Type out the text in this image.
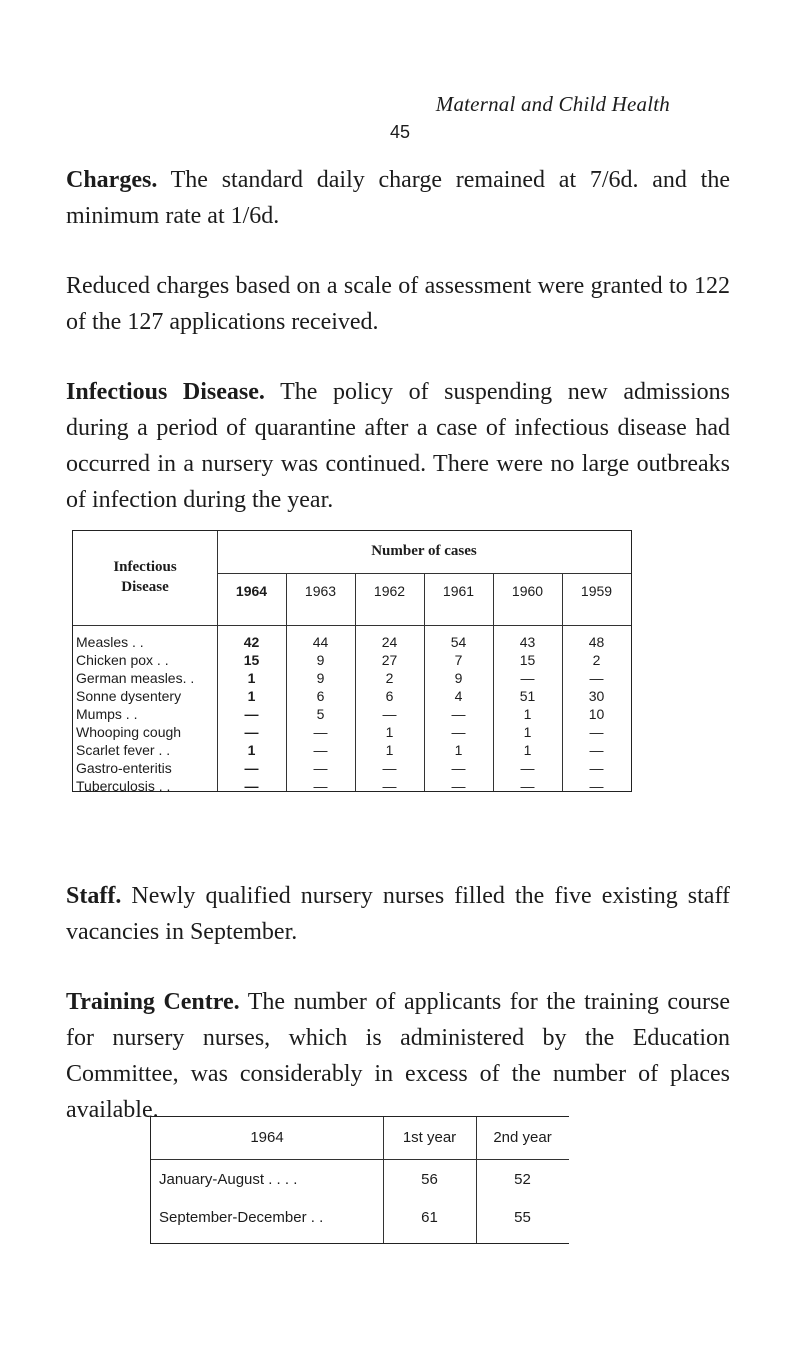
Maternal and Child Health
45

Charges. The standard daily charge remained at 7/6d. and the minimum rate at 1/6d.

Reduced charges based on a scale of assessment were granted to 122 of the 127 applications received.

Infectious Disease. The policy of suspending new admissions during a period of quarantine after a case of infectious disease had occurred in a nursery was continued. There were no large outbreaks of infection during the year.

Infectious
Disease
Number of cases
1964	1963	1962	1961	1960	1959
Measles . .	42	44	24	54	43	48
Chicken pox . .	15	9	27	7	15	2
German measles. .	1	9	2	9	—	—
Sonne dysentery	1	6	6	4	51	30
Mumps . .	—	5	—	—	1	10
Whooping cough	—	—	1	—	1	—
Scarlet fever . .	1	—	1	1	1	—
Gastro-enteritis	—	—	—	—	—	—
Tuberculosis . .	—	—	—	—	—	—

Staff. Newly qualified nursery nurses filled the five existing staff vacancies in September.

Training Centre. The number of applicants for the training course for nursery nurses, which is administered by the Education Committee, was considerably in excess of the number of places available.

1964	1st year	2nd year
January-August . . . .	56	52
September-December . .	61	55
